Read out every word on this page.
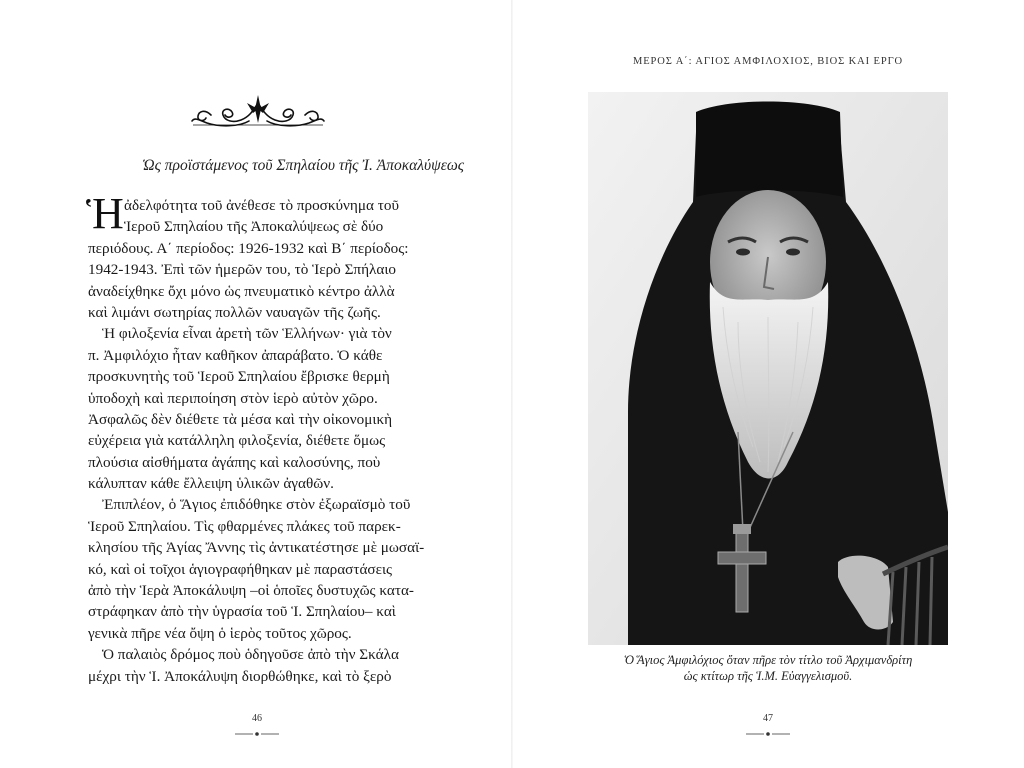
Ὡς προϊστάμενος τοῦ Σπηλαίου τῆς Ἰ. Ἀποκαλύψεως
Ἡ ἀδελφότητα τοῦ ἀνέθεσε τὸ προσκύνημα τοῦ
Ἱεροῦ Σπηλαίου τῆς Ἀποκαλύψεως σὲ δύο
περιόδους. Α΄ περίοδος: 1926-1932 καὶ Β΄ περίοδος:
1942-1943. Ἐπὶ τῶν ἡμερῶν του, τὸ Ἱερὸ Σπήλαιο
ἀναδείχθηκε ὄχι μόνο ὡς πνευματικὸ κέντρο ἀλλὰ
καὶ λιμάνι σωτηρίας πολλῶν ναυαγῶν τῆς ζωῆς.
Ἡ φιλοξενία εἶναι ἀρετὴ τῶν Ἑλλήνων· γιὰ τὸν
π. Ἀμφιλόχιο ἦταν καθῆκον ἀπαράβατο. Ὁ κάθε
προσκυνητὴς τοῦ Ἱεροῦ Σπηλαίου ἔβρισκε θερμὴ
ὑποδοχὴ καὶ περιποίηση στὸν ἱερὸ αὐτὸν χῶρο.
Ἀσφαλῶς δὲν διέθετε τὰ μέσα καὶ τὴν οἰκονομικὴ
εὐχέρεια γιὰ κατάλληλη φιλοξενία, διέθετε ὅμως
πλούσια αἰσθήματα ἀγάπης καὶ καλοσύνης, ποὺ
κάλυπταν κάθε ἔλλειψη ὑλικῶν ἀγαθῶν.
Ἐπιπλέον, ὁ Ἅγιος ἐπιδόθηκε στὸν ἐξωραϊσμὸ τοῦ
Ἱεροῦ Σπηλαίου. Τὶς φθαρμένες πλάκες τοῦ παρεκ-
κλησίου τῆς Ἁγίας Ἄννης τὶς ἀντικατέστησε μὲ μωσαϊ-
κό, καὶ οἱ τοῖχοι ἁγιογραφήθηκαν μὲ παραστάσεις
ἀπὸ τὴν Ἱερὰ Ἀποκάλυψη –οἱ ὁποῖες δυστυχῶς κατα-
στράφηκαν ἀπὸ τὴν ὑγρασία τοῦ Ἱ. Σπηλαίου– καὶ
γενικὰ πῆρε νέα ὄψη ὁ ἱερὸς τοῦτος χῶρος.
Ὁ παλαιὸς δρόμος ποὺ ὁδηγοῦσε ἀπὸ τὴν Σκάλα
μέχρι τὴν Ἱ. Ἀποκάλυψη διορθώθηκε, καὶ τὸ ξερὸ
46
ΜΕΡΟΣ Α΄: ΑΓΙΟΣ ΑΜΦΙΛΟΧΙΟΣ, ΒΙΟΣ ΚΑΙ ΕΡΓΟ
Ὁ Ἅγιος Ἀμφιλόχιος ὅταν πῆρε τὸν τίτλο τοῦ Ἀρχιμανδρίτη
ὡς κτίτωρ τῆς Ἱ.Μ. Εὐαγγελισμοῦ.
47
